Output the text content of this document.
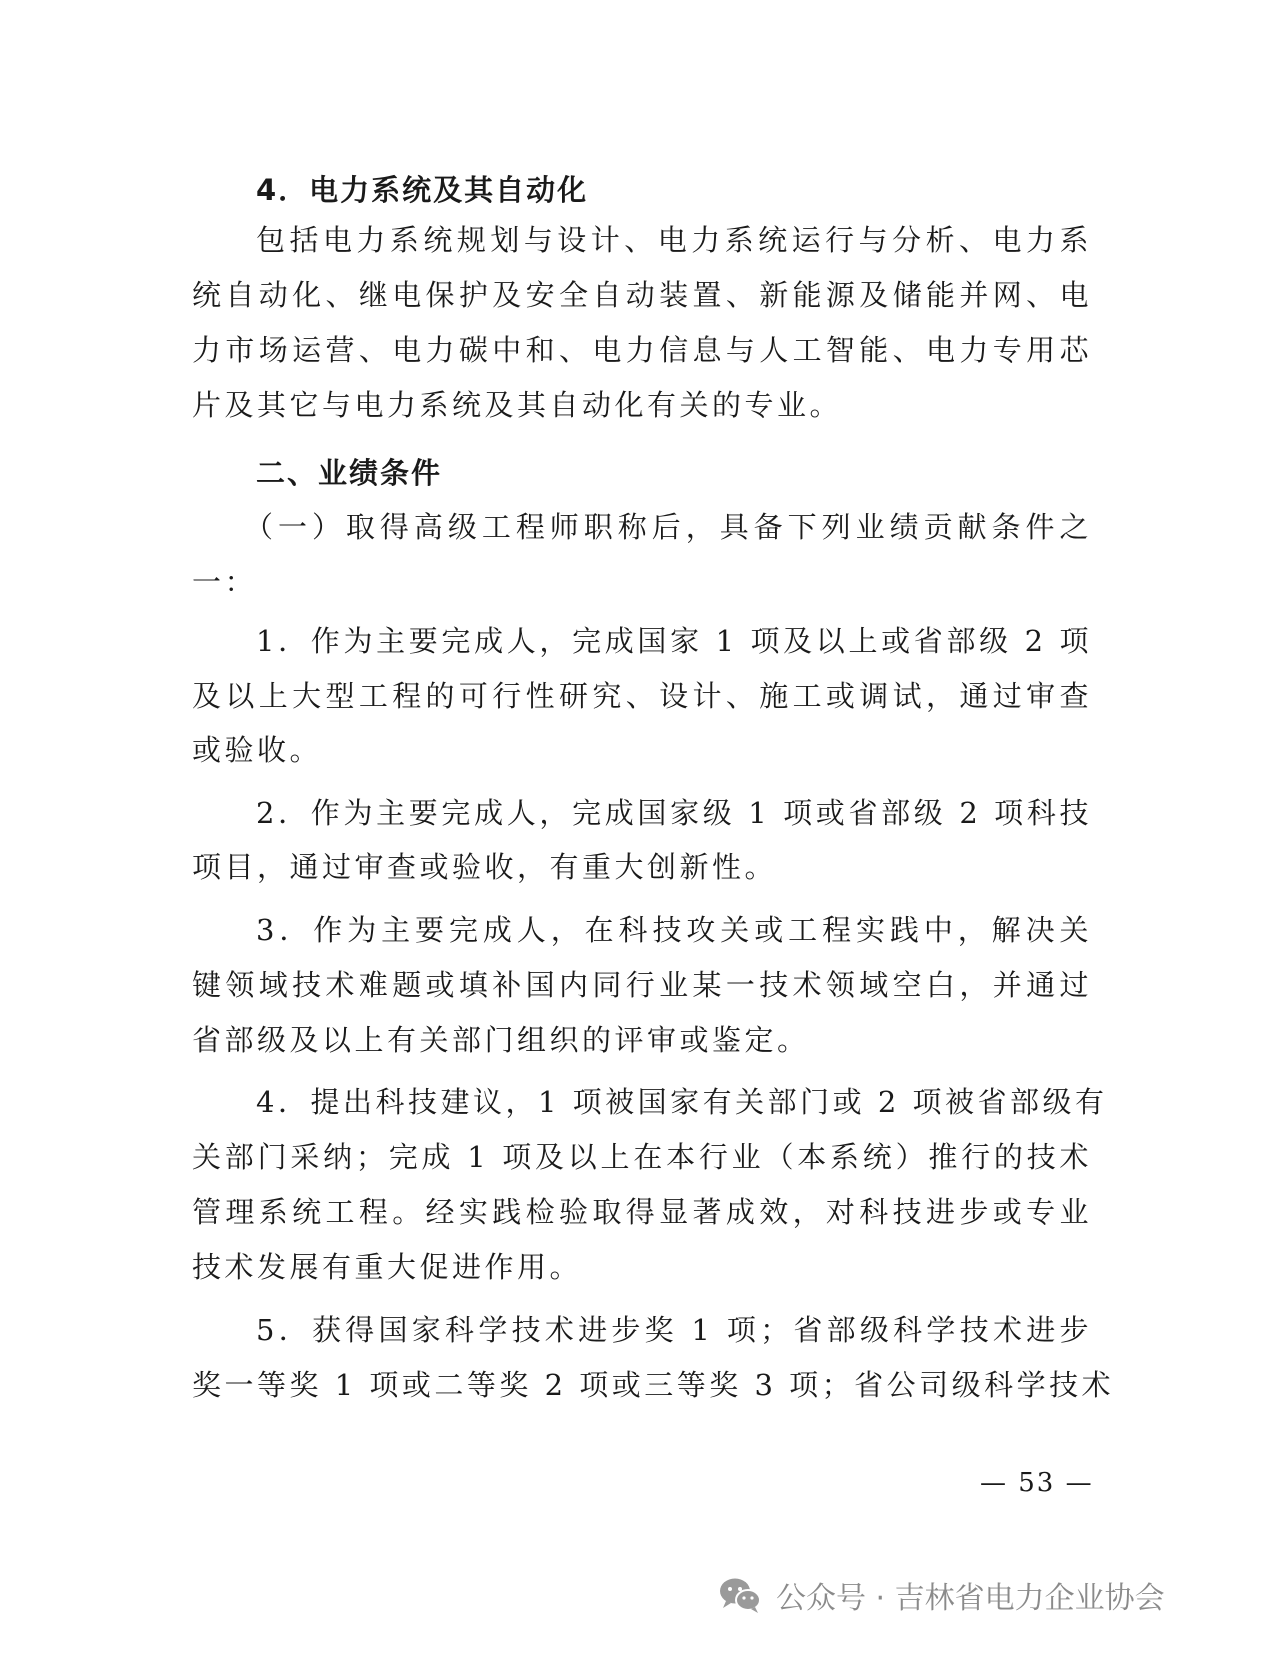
4．电力系统及其自动化
包括电力系统规划与设计、电力系统运行与分析、电力系
统自动化、继电保护及安全自动装置、新能源及储能并网、电
力市场运营、电力碳中和、电力信息与人工智能、电力专用芯
片及其它与电力系统及其自动化有关的专业。
二、业绩条件
（一）取得高级工程师职称后，具备下列业绩贡献条件之
一：
1．作为主要完成人，完成国家 1 项及以上或省部级 2 项
及以上大型工程的可行性研究、设计、施工或调试，通过审查
或验收。
2．作为主要完成人，完成国家级 1 项或省部级 2 项科技
项目，通过审查或验收，有重大创新性。
3．作为主要完成人，在科技攻关或工程实践中，解决关
键领域技术难题或填补国内同行业某一技术领域空白，并通过
省部级及以上有关部门组织的评审或鉴定。
4．提出科技建议，1 项被国家有关部门或 2 项被省部级有
关部门采纳；完成 1 项及以上在本行业（本系统）推行的技术
管理系统工程。经实践检验取得显著成效，对科技进步或专业
技术发展有重大促进作用。
5．获得国家科学技术进步奖 1 项；省部级科学技术进步
奖一等奖 1 项或二等奖 2 项或三等奖 3 项；省公司级科学技术
— 53 —
公众号 · 吉林省电力企业协会
